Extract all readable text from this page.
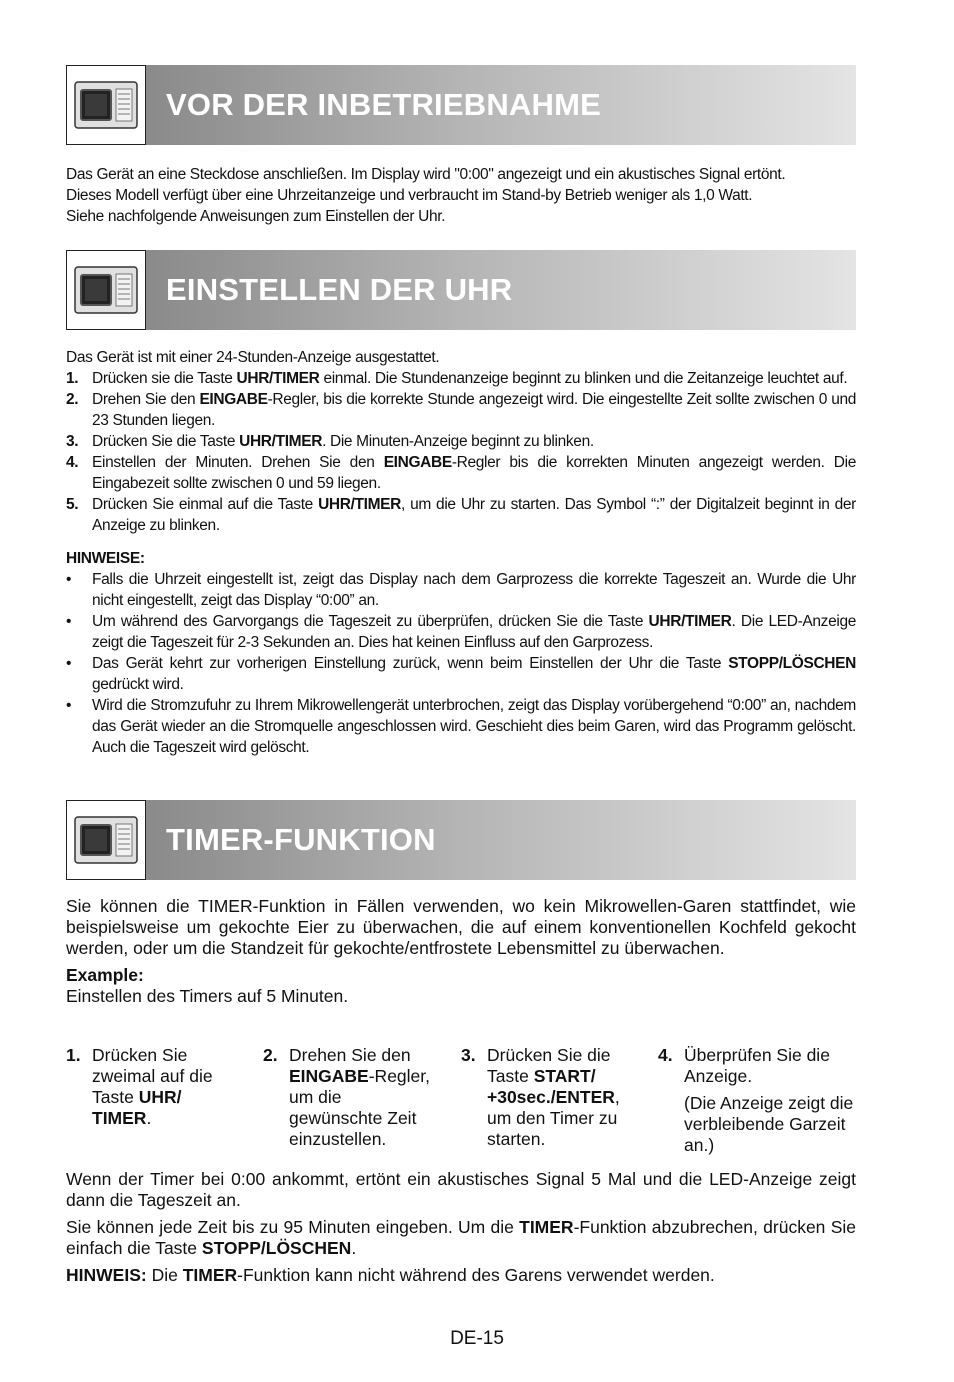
VOR DER INBETRIEBNAHME

Das Gerät an eine Steckdose anschließen. Im Display wird "0:00" angezeigt und ein akustisches Signal ertönt.

Dieses Modell verfügt über eine Uhrzeitanzeige und verbraucht im Stand-by Betrieb weniger als 1,0 Watt.

Siehe nachfolgende Anweisungen zum Einstellen der Uhr.

EINSTELLEN DER UHR

Das Gerät ist mit einer 24-Stunden-Anzeige ausgestattet.

1. Drücken sie die Taste UHR/TIMER einmal. Die Stundenanzeige beginnt zu blinken und die Zeitanzeige leuchtet auf.
2. Drehen Sie den EINGABE-Regler, bis die korrekte Stunde angezeigt wird. Die eingestellte Zeit sollte zwischen 0 und 23 Stunden liegen.
3. Drücken Sie die Taste UHR/TIMER. Die Minuten-Anzeige beginnt zu blinken.
4. Einstellen der Minuten. Drehen Sie den EINGABE-Regler bis die korrekten Minuten angezeigt werden. Die Eingabezeit sollte zwischen 0 und 59 liegen.
5. Drücken Sie einmal auf die Taste UHR/TIMER, um die Uhr zu starten. Das Symbol “:” der Digitalzeit beginnt in der Anzeige zu blinken.

HINWEISE:

• Falls die Uhrzeit eingestellt ist, zeigt das Display nach dem Garprozess die korrekte Tageszeit an. Wurde die Uhr nicht eingestellt, zeigt das Display “0:00” an.
• Um während des Garvorgangs die Tageszeit zu überprüfen, drücken Sie die Taste UHR/TIMER. Die LED-Anzeige zeigt die Tageszeit für 2-3 Sekunden an. Dies hat keinen Einfluss auf den Garprozess.
• Das Gerät kehrt zur vorherigen Einstellung zurück, wenn beim Einstellen der Uhr die Taste STOPP/LÖSCHEN gedrückt wird.
• Wird die Stromzufuhr zu Ihrem Mikrowellengerät unterbrochen, zeigt das Display vorübergehend “0:00” an, nachdem das Gerät wieder an die Stromquelle angeschlossen wird. Geschieht dies beim Garen, wird das Programm gelöscht. Auch die Tageszeit wird gelöscht.
TIMER-FUNKTION

Sie können die TIMER-Funktion in Fällen verwenden, wo kein Mikrowellen-Garen stattfindet, wie beispielsweise um gekochte Eier zu überwachen, die auf einem konventionellen Kochfeld gekocht werden, oder um die Standzeit für gekochte/entfrostete Lebensmittel zu überwachen.

Example:

Einstellen des Timers auf 5 Minuten.

1. Drücken Sie zweimal auf die Taste UHR/ TIMER.
2. Drehen Sie den EINGABE-Regler, um die gewünschte Zeit einzustellen.
3. Drücken Sie die Taste START/ +30sec./ENTER, um den Timer zu starten.
4. Überprüfen Sie die Anzeige.
(Die Anzeige zeigt die verbleibende Garzeit an.)

Wenn der Timer bei 0:00 ankommt, ertönt ein akustisches Signal 5 Mal und die LED-Anzeige zeigt dann die Tageszeit an.

Sie können jede Zeit bis zu 95 Minuten eingeben. Um die TIMER-Funktion abzubrechen, drücken Sie einfach die Taste STOPP/LÖSCHEN.

HINWEIS: Die TIMER-Funktion kann nicht während des Garens verwendet werden.

DE-15
